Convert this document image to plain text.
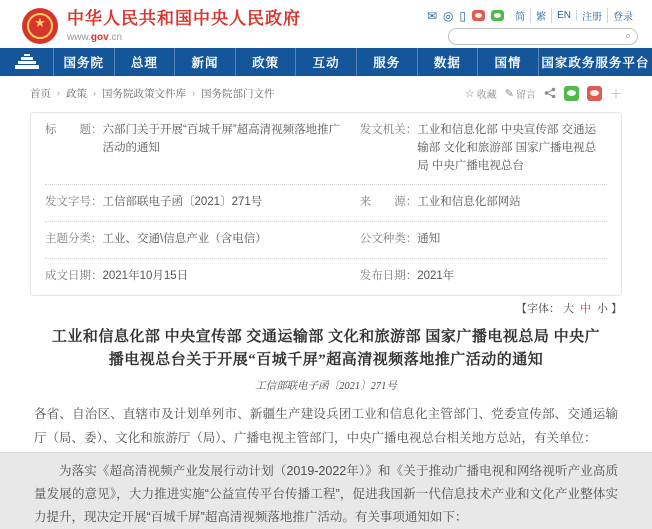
★
中华人民共和国中央人民政府
www.gov.cn
✉ ◎ ▯	简	繁	EN	注册	登录
⌕
国务院	总理	新闻	政策	互动	服务	数据	国情	国家政务服务平台
首页 › 政策 › 国务院政策文件库 › 国务院部门文件	☆ 收藏 ✎ 留言	＋
标　　题： 六部门关于开展“百城千屏”超高清视频落地推广活动的通知
发文机关： 工业和信息化部 中央宣传部 交通运输部 文化和旅游部 国家广播电视总局 中央广播电视总台
发文字号： 工信部联电子函〔2021〕271号	来　　源： 工业和信息化部网站
主题分类： 工业、交通\信息产业（含电信）	公文种类： 通知
成文日期： 2021年10月15日	发布日期： 2021年
【字体： 大 中 小 】
工业和信息化部 中央宣传部 交通运输部 文化和旅游部 国家广播电视总局 中央广播电视总台关于开展“百城千屏”超高清视频落地推广活动的通知
工信部联电子函〔2021〕271号

各省、自治区、直辖市及计划单列市、新疆生产建设兵团工业和信息化主管部门、党委宣传部、交通运输厅（局、委）、文化和旅游厅（局）、广播电视主管部门，中央广播电视总台相关地方总站，有关单位：

为落实《超高清视频产业发展行动计划（2019-2022年）》和《关于推动广播电视和网络视听产业高质量发展的意见》，大力推进实施“公益宣传平台传播工程”，促进我国新一代信息技术产业和文化产业整体实力提升，现决定开展“百城千屏”超高清视频落地推广活动。有关事项通知如下：
